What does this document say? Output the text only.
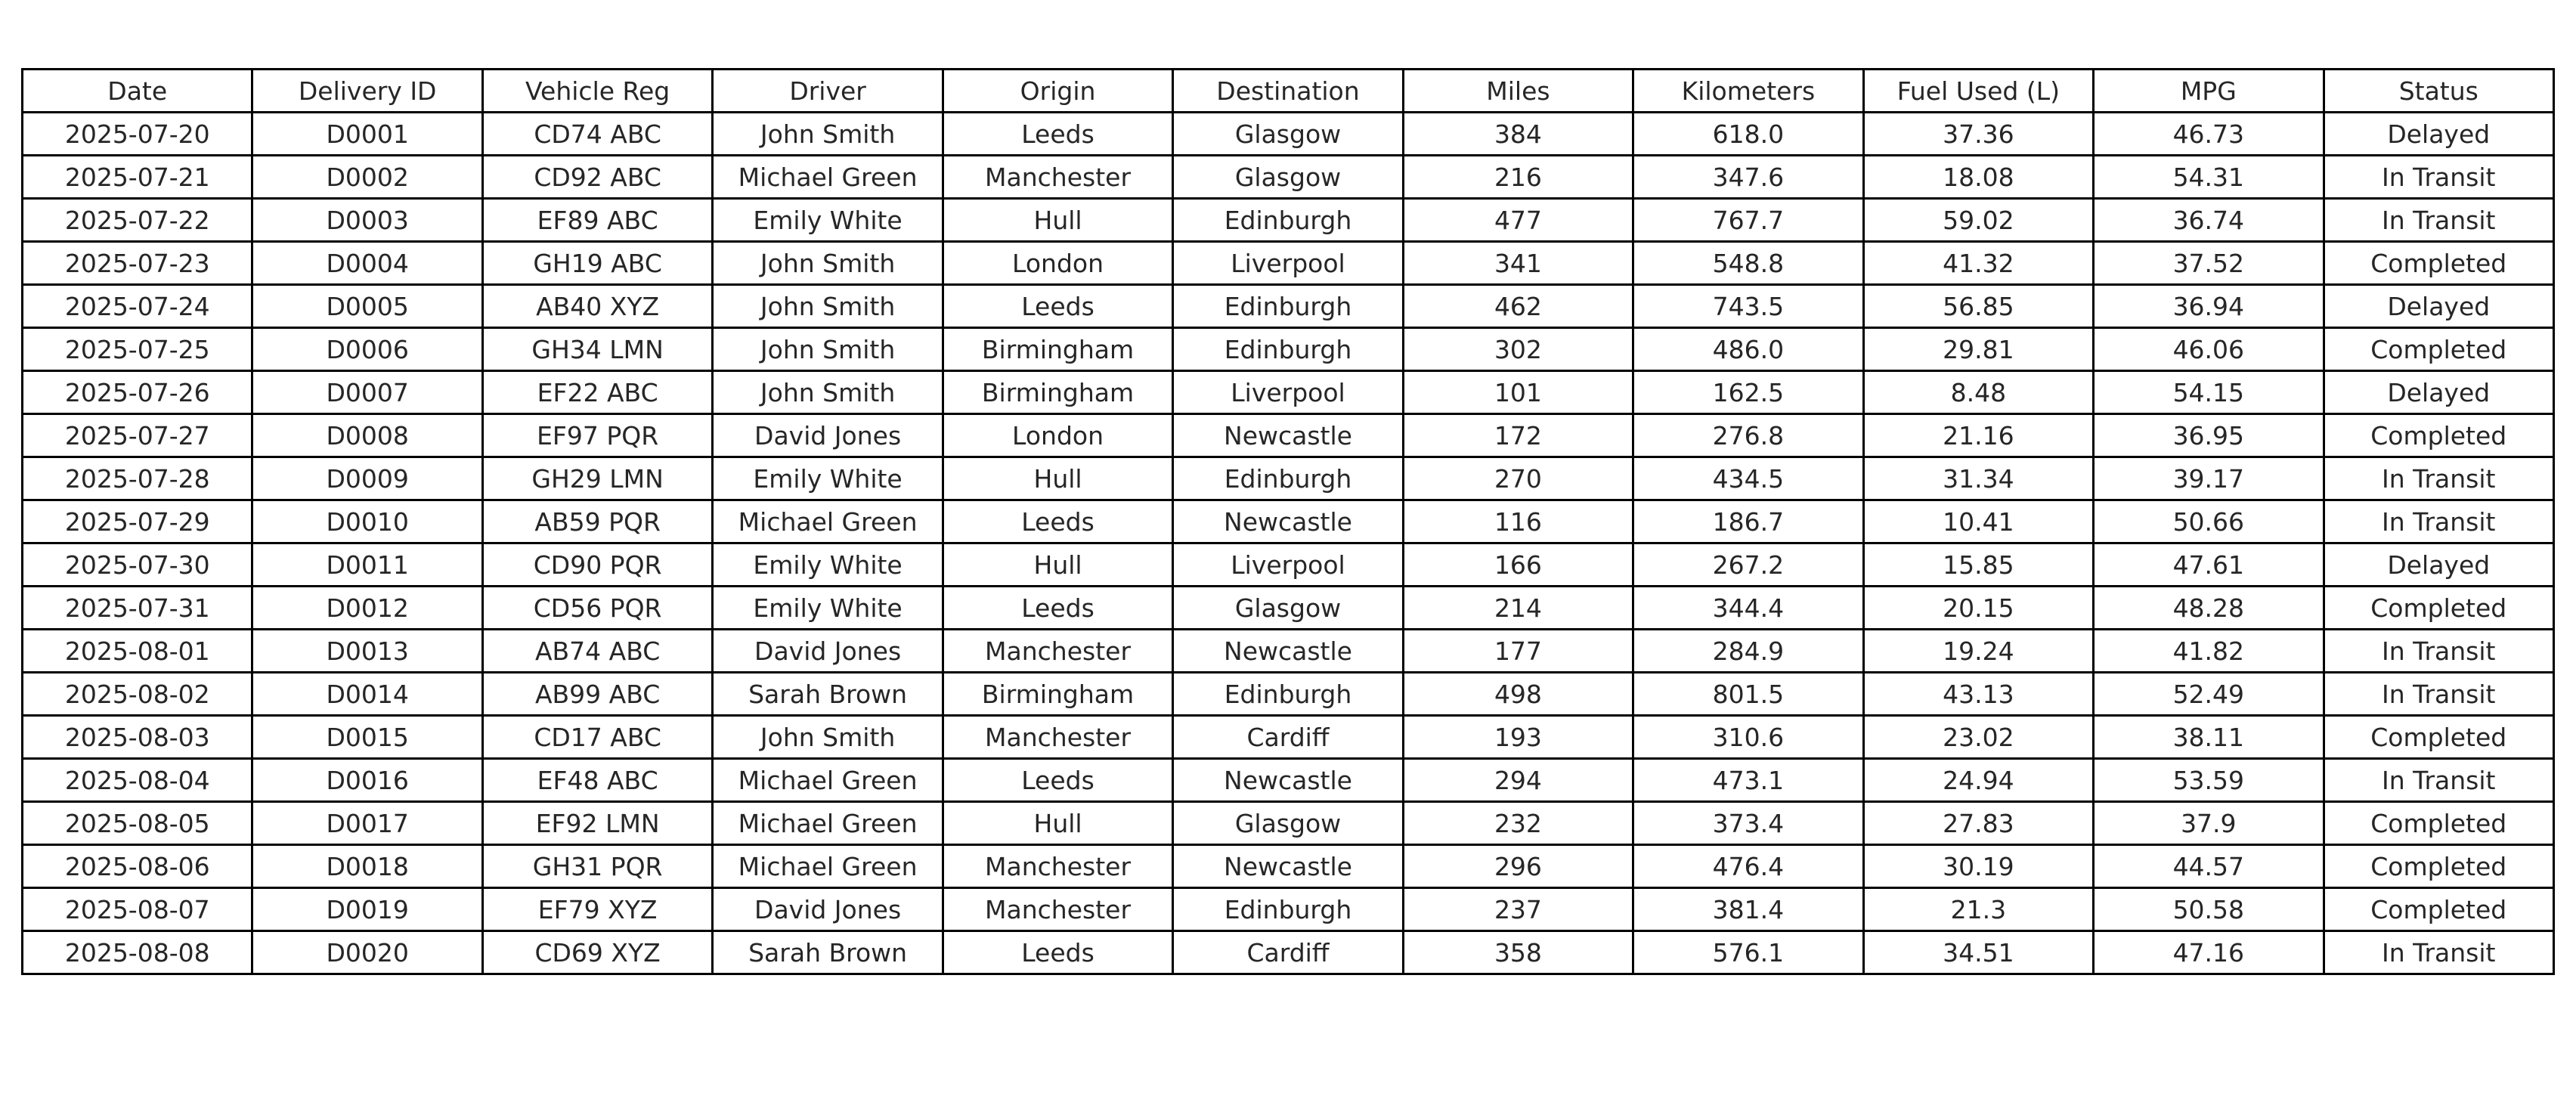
Date	Delivery ID	Vehicle Reg	Driver	Origin	Destination	Miles	Kilometers	Fuel Used (L)	MPG	Status
2025-07-20	D0001	CD74 ABC	John Smith	Leeds	Glasgow	384	618.0	37.36	46.73	Delayed
2025-07-21	D0002	CD92 ABC	Michael Green	Manchester	Glasgow	216	347.6	18.08	54.31	In Transit
2025-07-22	D0003	EF89 ABC	Emily White	Hull	Edinburgh	477	767.7	59.02	36.74	In Transit
2025-07-23	D0004	GH19 ABC	John Smith	London	Liverpool	341	548.8	41.32	37.52	Completed
2025-07-24	D0005	AB40 XYZ	John Smith	Leeds	Edinburgh	462	743.5	56.85	36.94	Delayed
2025-07-25	D0006	GH34 LMN	John Smith	Birmingham	Edinburgh	302	486.0	29.81	46.06	Completed
2025-07-26	D0007	EF22 ABC	John Smith	Birmingham	Liverpool	101	162.5	8.48	54.15	Delayed
2025-07-27	D0008	EF97 PQR	David Jones	London	Newcastle	172	276.8	21.16	36.95	Completed
2025-07-28	D0009	GH29 LMN	Emily White	Hull	Edinburgh	270	434.5	31.34	39.17	In Transit
2025-07-29	D0010	AB59 PQR	Michael Green	Leeds	Newcastle	116	186.7	10.41	50.66	In Transit
2025-07-30	D0011	CD90 PQR	Emily White	Hull	Liverpool	166	267.2	15.85	47.61	Delayed
2025-07-31	D0012	CD56 PQR	Emily White	Leeds	Glasgow	214	344.4	20.15	48.28	Completed
2025-08-01	D0013	AB74 ABC	David Jones	Manchester	Newcastle	177	284.9	19.24	41.82	In Transit
2025-08-02	D0014	AB99 ABC	Sarah Brown	Birmingham	Edinburgh	498	801.5	43.13	52.49	In Transit
2025-08-03	D0015	CD17 ABC	John Smith	Manchester	Cardiff	193	310.6	23.02	38.11	Completed
2025-08-04	D0016	EF48 ABC	Michael Green	Leeds	Newcastle	294	473.1	24.94	53.59	In Transit
2025-08-05	D0017	EF92 LMN	Michael Green	Hull	Glasgow	232	373.4	27.83	37.9	Completed
2025-08-06	D0018	GH31 PQR	Michael Green	Manchester	Newcastle	296	476.4	30.19	44.57	Completed
2025-08-07	D0019	EF79 XYZ	David Jones	Manchester	Edinburgh	237	381.4	21.3	50.58	Completed
2025-08-08	D0020	CD69 XYZ	Sarah Brown	Leeds	Cardiff	358	576.1	34.51	47.16	In Transit
